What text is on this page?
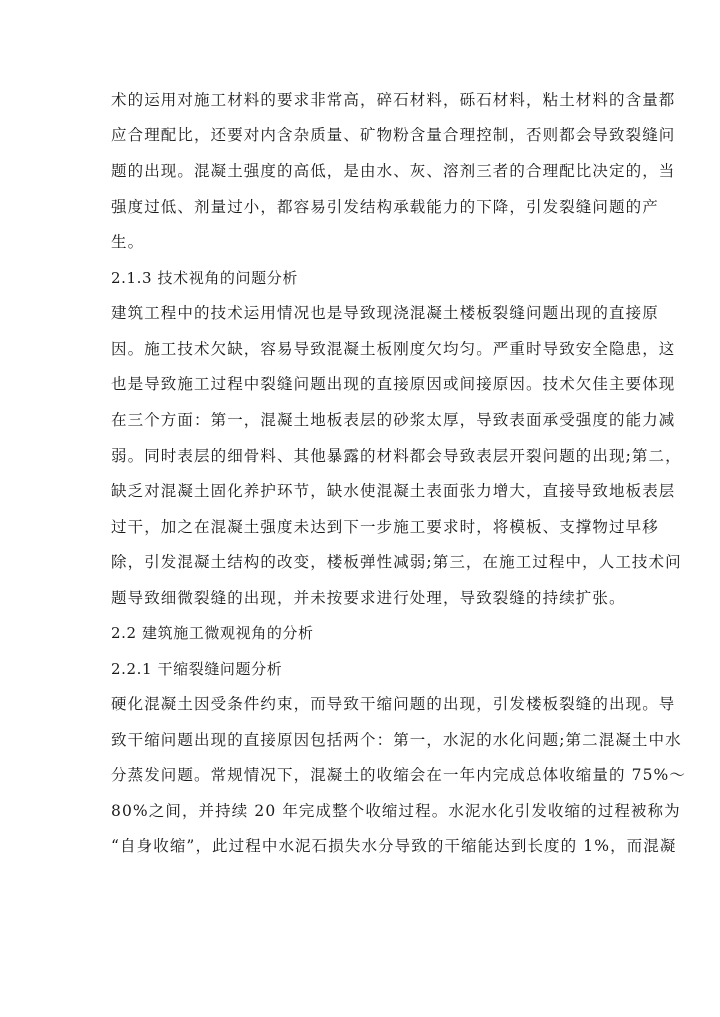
术的运用对施工材料的要求非常高，碎石材料，砾石材料，粘土材料的含量都
应合理配比，还要对内含杂质量、矿物粉含量合理控制，否则都会导致裂缝问
题的出现。混凝土强度的高低，是由水、灰、溶剂三者的合理配比决定的，当
强度过低、剂量过小，都容易引发结构承载能力的下降，引发裂缝问题的产
生。
2.1.3 技术视角的问题分析
建筑工程中的技术运用情况也是导致现浇混凝土楼板裂缝问题出现的直接原
因。施工技术欠缺，容易导致混凝土板刚度欠均匀。严重时导致安全隐患，这
也是导致施工过程中裂缝问题出现的直接原因或间接原因。技术欠佳主要体现
在三个方面：第一，混凝土地板表层的砂浆太厚，导致表面承受强度的能力减
弱。同时表层的细骨料、其他暴露的材料都会导致表层开裂问题的出现;第二，
缺乏对混凝土固化养护环节，缺水使混凝土表面张力增大，直接导致地板表层
过干，加之在混凝土强度未达到下一步施工要求时，将模板、支撑物过早移
除，引发混凝土结构的改变，楼板弹性减弱;第三，在施工过程中，人工技术问
题导致细微裂缝的出现，并未按要求进行处理，导致裂缝的持续扩张。
2.2 建筑施工微观视角的分析
2.2.1 干缩裂缝问题分析
硬化混凝土因受条件约束，而导致干缩问题的出现，引发楼板裂缝的出现。导
致干缩问题出现的直接原因包括两个：第一，水泥的水化问题;第二混凝土中水
分蒸发问题。常规情况下，混凝土的收缩会在一年内完成总体收缩量的 75%～
80%之间，并持续 20 年完成整个收缩过程。水泥水化引发收缩的过程被称为
“自身收缩”，此过程中水泥石损失水分导致的干缩能达到长度的 1%，而混凝
